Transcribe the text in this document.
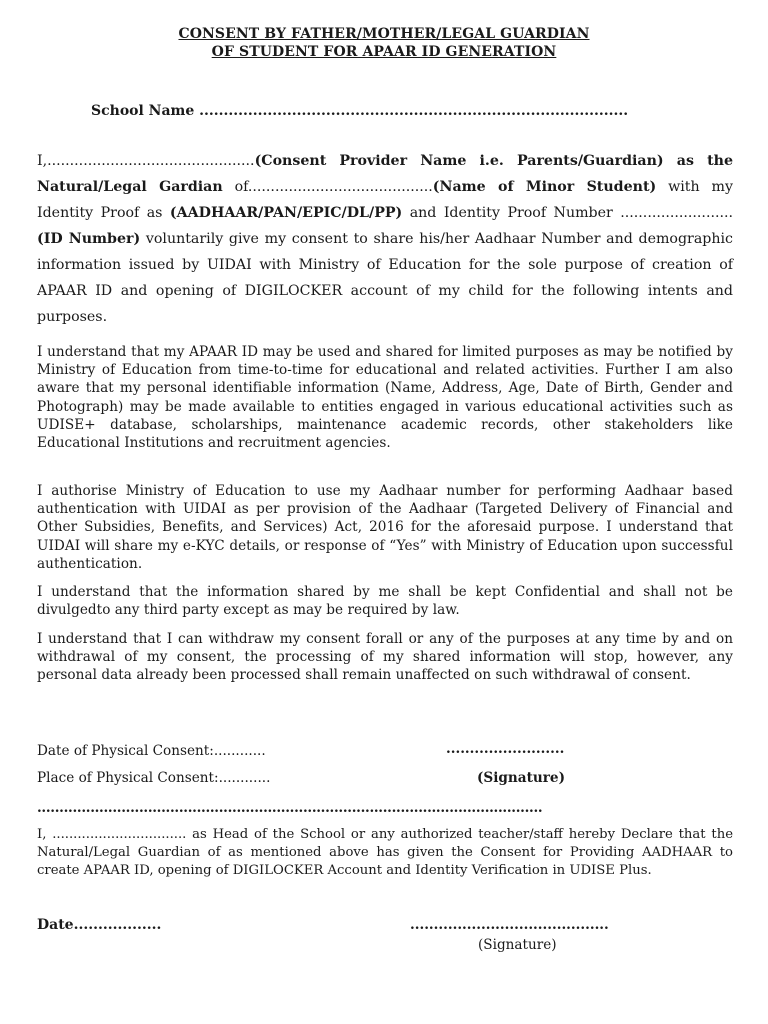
CONSENT BY FATHER/MOTHER/LEGAL GUARDIAN
OF STUDENT FOR APAAR ID GENERATION
School Name ........................................................................................
I,..............................................(Consent Provider Name i.e. Parents/Guardian) as the Natural/Legal Gardian of.........................................(Name of Minor Student) with my Identity Proof as (AADHAAR/PAN/EPIC/DL/PP) and Identity Proof Number .........................(ID Number) voluntarily give my consent to share his/her Aadhaar Number and demographic information issued by UIDAI with Ministry of Education for the sole purpose of creation of APAAR ID and opening of DIGILOCKER account of my child for the following intents and purposes.
I understand that my APAAR ID may be used and shared for limited purposes as may be notified by Ministry of Education from time-to-time for educational and related activities. Further I am also aware that my personal identifiable information (Name, Address, Age, Date of Birth, Gender and Photograph) may be made available to entities engaged in various educational activities such as UDISE+ database, scholarships, maintenance academic records, other stakeholders like Educational Institutions and recruitment agencies.
I authorise Ministry of Education to use my Aadhaar number for performing Aadhaar based authentication with UIDAI as per provision of the Aadhaar (Targeted Delivery of Financial and Other Subsidies, Benefits, and Services) Act, 2016 for the aforesaid purpose. I understand that UIDAI will share my e-KYC details, or response of “Yes” with Ministry of Education upon successful authentication.
I understand that the information shared by me shall be kept Confidential and shall not be divulgedto any third party except as may be required by law.
I understand that I can withdraw my consent forall or any of the purposes at any time by and on withdrawal of my consent, the processing of my shared information will stop, however, any personal data already been processed shall remain unaffected on such withdrawal of consent.
Date of Physical Consent:............	.........................
Place of Physical Consent:............	(Signature)
..................................................................................................................
I, ................................ as Head of the School or any authorized teacher/staff hereby Declare that the Natural/Legal Guardian of as mentioned above has given the Consent for Providing AADHAAR to create APAAR ID, opening of DIGILOCKER Account and Identity Verification in UDISE Plus.
Date..................	..........................................
(Signature)
